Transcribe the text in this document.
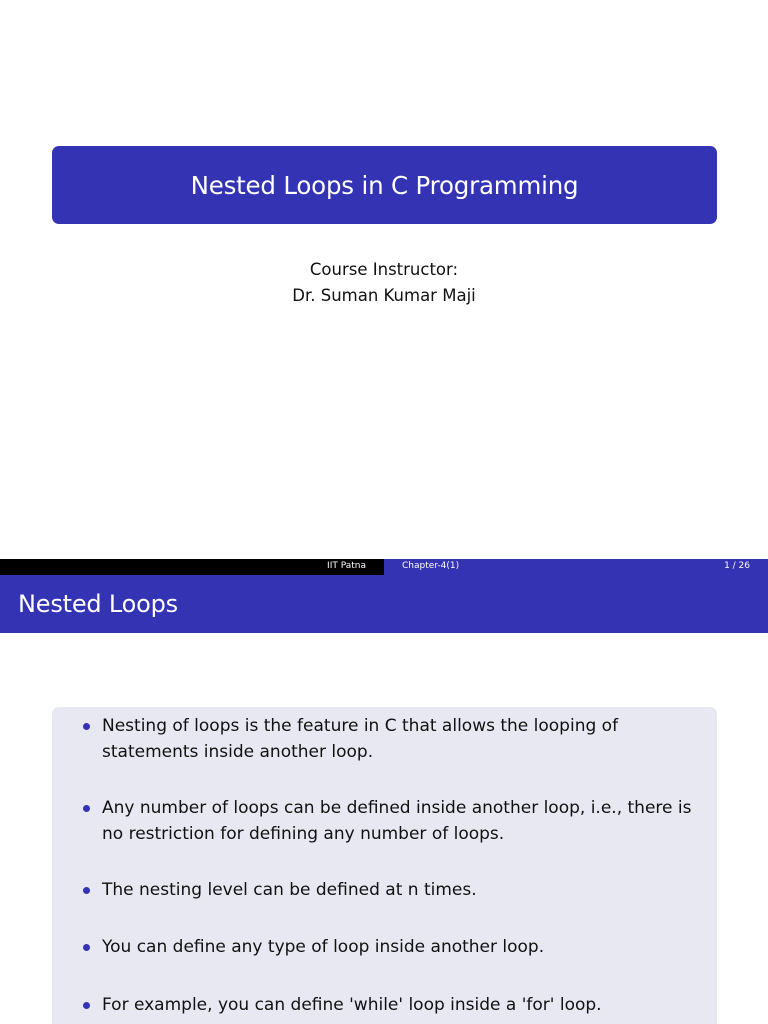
Nested Loops in C Programming
Course Instructor:
Dr. Suman Kumar Maji
IIT Patna	Chapter-4(1)	1 / 26
Nested Loops
Nesting of loops is the feature in C that allows the looping of statements inside another loop.
Any number of loops can be defined inside another loop, i.e., there is no restriction for defining any number of loops.
The nesting level can be defined at n times.
You can define any type of loop inside another loop.
For example, you can define 'while' loop inside a 'for' loop.
